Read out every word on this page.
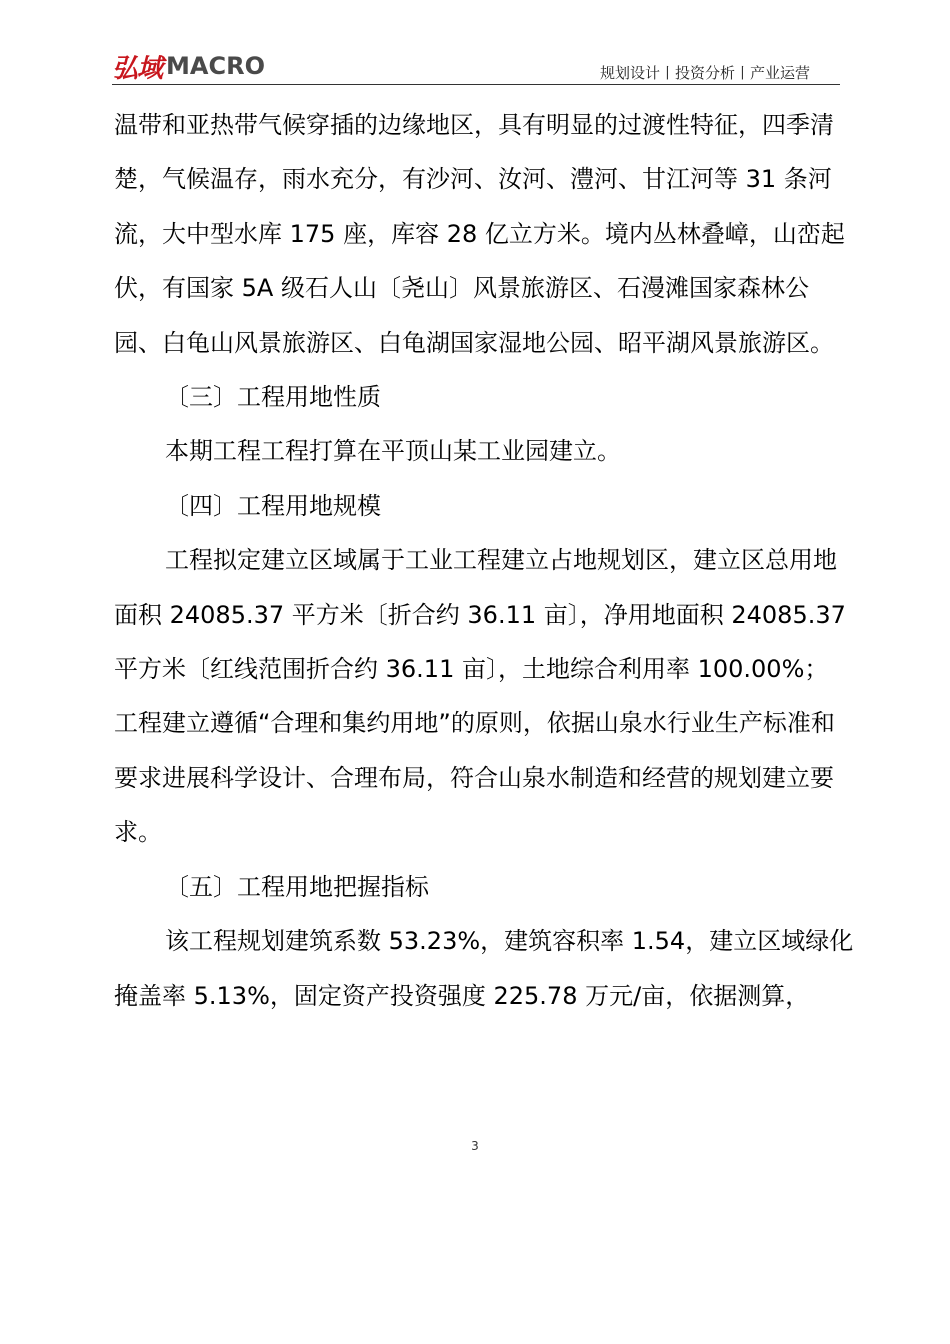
弘域 MACRO	规划设计丨投资分析丨产业运营

温带和亚热带气候穿插的边缘地区，具有明显的过渡性特征，四季清楚，气候温存，雨水充分，有沙河、汝河、澧河、甘江河等 31 条河流，大中型水库 175 座，库容 28 亿立方米。境内丛林叠嶂，山峦起伏，有国家 5A 级石人山〔尧山〕风景旅游区、石漫滩国家森林公园、白龟山风景旅游区、白龟湖国家湿地公园、昭平湖风景旅游区。

〔三〕工程用地性质

本期工程工程打算在平顶山某工业园建立。

〔四〕工程用地规模

工程拟定建立区域属于工业工程建立占地规划区，建立区总用地面积 24085.37 平方米〔折合约 36.11 亩〕，净用地面积 24085.37 平方米〔红线范围折合约 36.11 亩〕，土地综合利用率 100.00%； 工程建立遵循“合理和集约用地”的原则，依据山泉水行业生产标准和要求进展科学设计、合理布局，符合山泉水制造和经营的规划建立要求。

〔五〕工程用地把握指标

该工程规划建筑系数 53.23%，建筑容积率 1.54，建立区域绿化掩盖率 5.13%，固定资产投资强度 225.78 万元/亩，依据测算，

3
